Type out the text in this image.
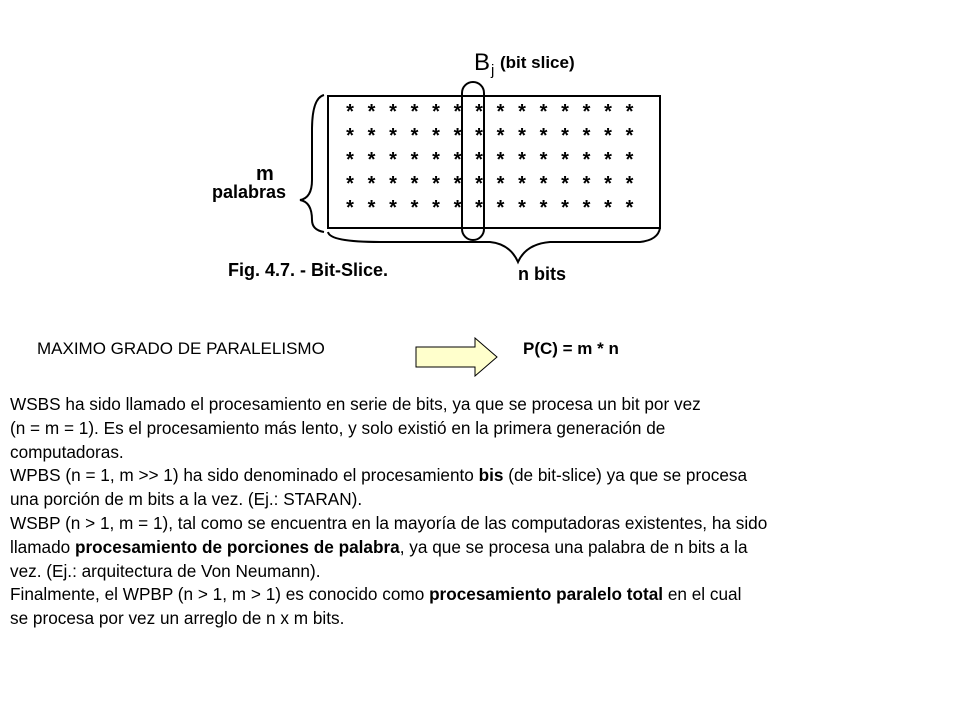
B j (bit slice)
* * * * * * * * * * * * * *
* * * * * * * * * * * * * *
* * * * * * * * * * * * * *
* * * * * * * * * * * * * *
* * * * * * * * * * * * * *
m
palabras
n bits
Fig. 4.7. - Bit-Slice.
MAXIMO GRADO DE PARALELISMO	P(C) = m * n

WSBS ha sido llamado el procesamiento en serie de bits, ya que se procesa un bit por vez

(n = m = 1). Es el procesamiento más lento, y solo existió en la primera generación de

computadoras.

WPBS (n = 1, m >> 1) ha sido denominado el procesamiento bis (de bit-slice) ya que se procesa

una porción de m bits a la vez. (Ej.: STARAN).

WSBP (n > 1, m = 1), tal como se encuentra en la mayoría de las computadoras existentes, ha sido

llamado procesamiento de porciones de palabra, ya que se procesa una palabra de n bits a la

vez. (Ej.: arquitectura de Von Neumann).

Finalmente, el WPBP (n > 1, m > 1) es conocido como procesamiento paralelo total en el cual

se procesa por vez un arreglo de n x m bits.
